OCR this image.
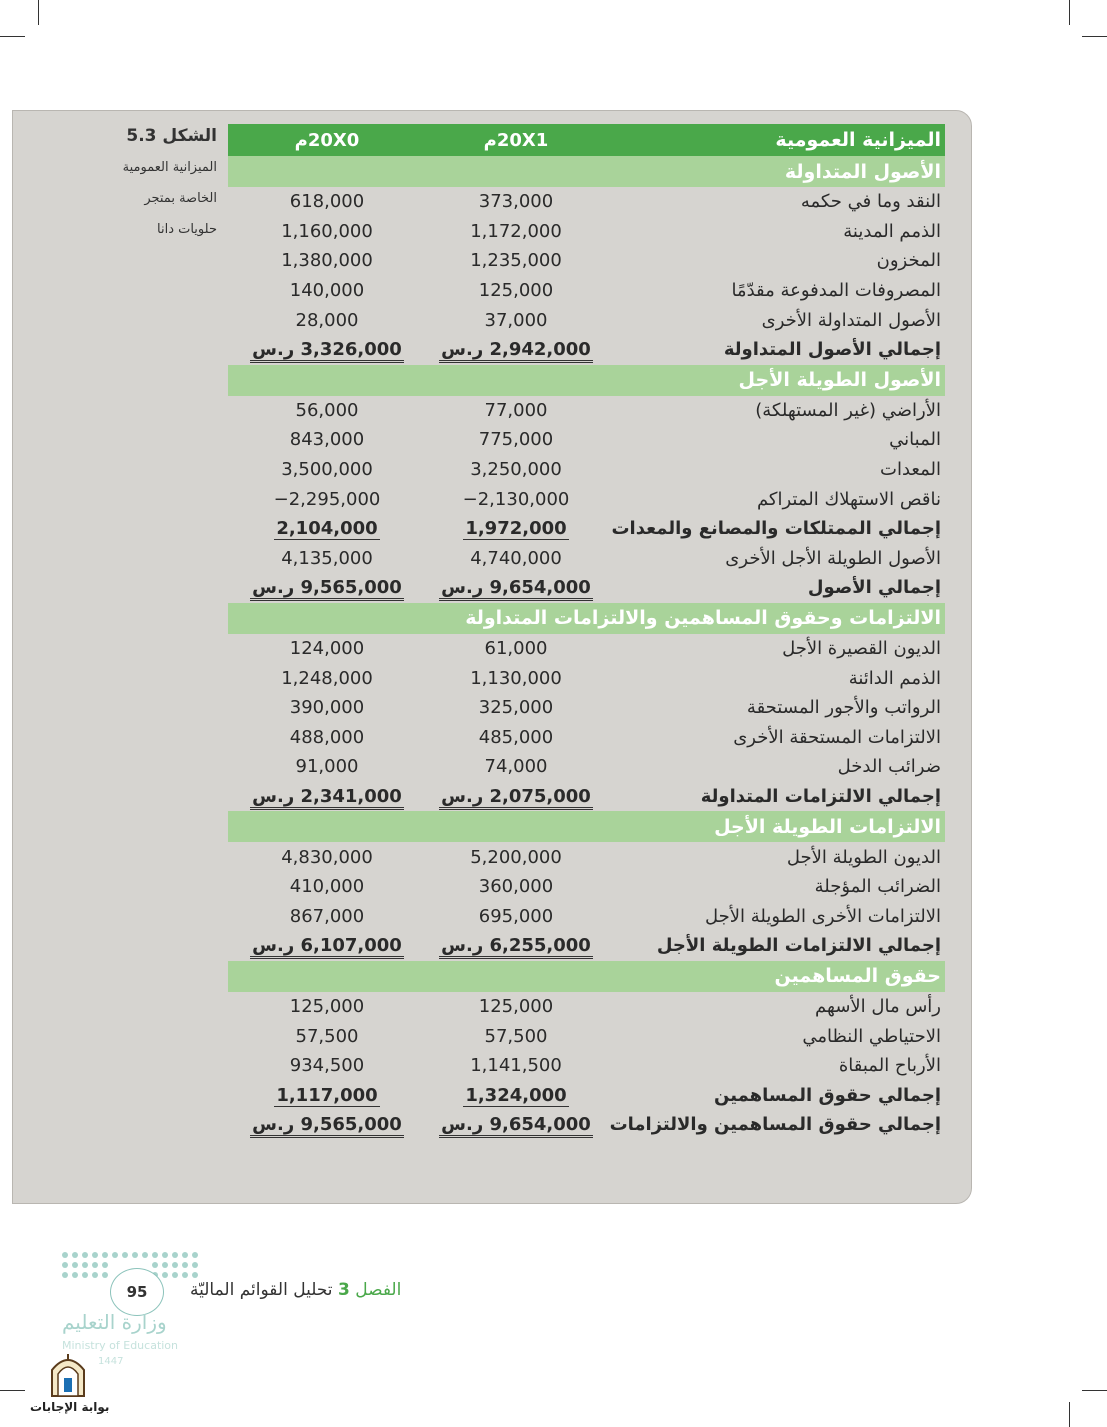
الشكل 5.3
الميزانية العمومية
الخاصة بمتجر
حلويات دانا
الميزانية العمومية
20X1م
20X0م
الأصول المتداولة
النقد وما في حكمه
373,000
618,000
الذمم المدينة
1,172,000
1,160,000
المخزون
1,235,000
1,380,000
المصروفات المدفوعة مقدّمًا
125,000
140,000
الأصول المتداولة الأخرى
37,000
28,000
إجمالي الأصول المتداولة
2,942,000 ر.س
3,326,000 ر.س
الأصول الطويلة الأجل
الأراضي (غير المستهلكة)
77,000
56,000
المباني
775,000
843,000
المعدات
3,250,000
3,500,000
ناقص الاستهلاك المتراكم
2,130,000−
2,295,000−
إجمالي الممتلكات والمصانع والمعدات
1,972,000
2,104,000
الأصول الطويلة الأجل الأخرى
4,740,000
4,135,000
إجمالي الأصول
9,654,000 ر.س
9,565,000 ر.س
الالتزامات وحقوق المساهمين والالتزامات المتداولة
الديون القصيرة الأجل
61,000
124,000
الذمم الدائنة
1,130,000
1,248,000
الرواتب والأجور المستحقة
325,000
390,000
الالتزامات المستحقة الأخرى
485,000
488,000
ضرائب الدخل
74,000
91,000
إجمالي الالتزامات المتداولة
2,075,000 ر.س
2,341,000 ر.س
الالتزامات الطويلة الأجل
الديون الطويلة الأجل
5,200,000
4,830,000
الضرائب المؤجلة
360,000
410,000
الالتزامات الأخرى الطويلة الأجل
695,000
867,000
إجمالي الالتزامات الطويلة الأجل
6,255,000 ر.س
6,107,000 ر.س
حقوق المساهمين
رأس مال الأسهم
125,000
125,000
الاحتياطي النظامي
57,500
57,500
الأرباح المبقاة
1,141,500
934,500
إجمالي حقوق المساهمين
1,324,000
1,117,000
إجمالي حقوق المساهمين والالتزامات
9,654,000 ر.س
9,565,000 ر.س
95	الفصل 3 تحليل القوائم الماليّة
وزارة التعليم
Ministry of Education
1447
بوابة الإجابات
